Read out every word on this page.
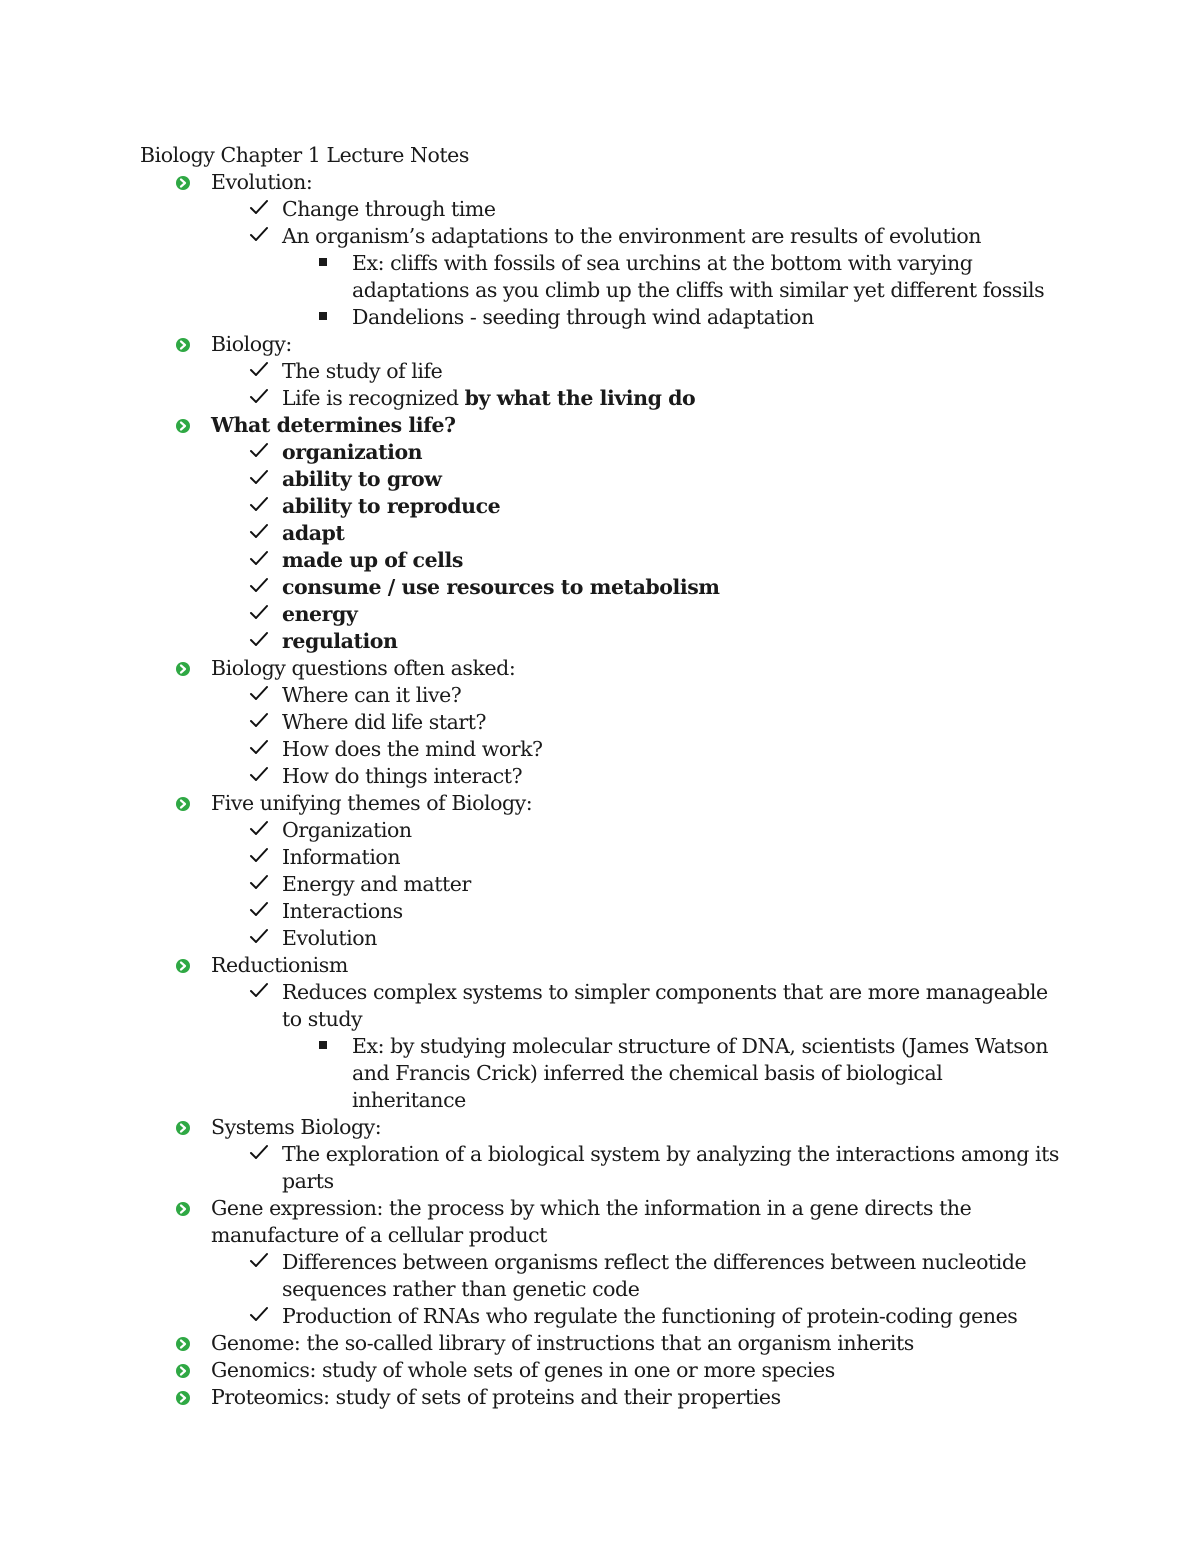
Biology Chapter 1 Lecture Notes
Evolution:
Change through time
An organism’s adaptations to the environment are results of evolution
Ex: cliffs with fossils of sea urchins at the bottom with varying adaptations as you climb up the cliffs with similar yet different fossils
Dandelions - seeding through wind adaptation
Biology:
The study of life
Life is recognized by what the living do
What determines life?
organization
ability to grow
ability to reproduce
adapt
made up of cells
consume / use resources to metabolism
energy
regulation
Biology questions often asked:
Where can it live?
Where did life start?
How does the mind work?
How do things interact?
Five unifying themes of Biology:
Organization
Information
Energy and matter
Interactions
Evolution
Reductionism
Reduces complex systems to simpler components that are more manageable to study
Ex: by studying molecular structure of DNA, scientists (James Watson and Francis Crick) inferred the chemical basis of biological inheritance
Systems Biology:
The exploration of a biological system by analyzing the interactions among its parts
Gene expression: the process by which the information in a gene directs the manufacture of a cellular product
Differences between organisms reflect the differences between nucleotide sequences rather than genetic code
Production of RNAs who regulate the functioning of protein-coding genes
Genome: the so-called library of instructions that an organism inherits
Genomics: study of whole sets of genes in one or more species
Proteomics: study of sets of proteins and their properties
